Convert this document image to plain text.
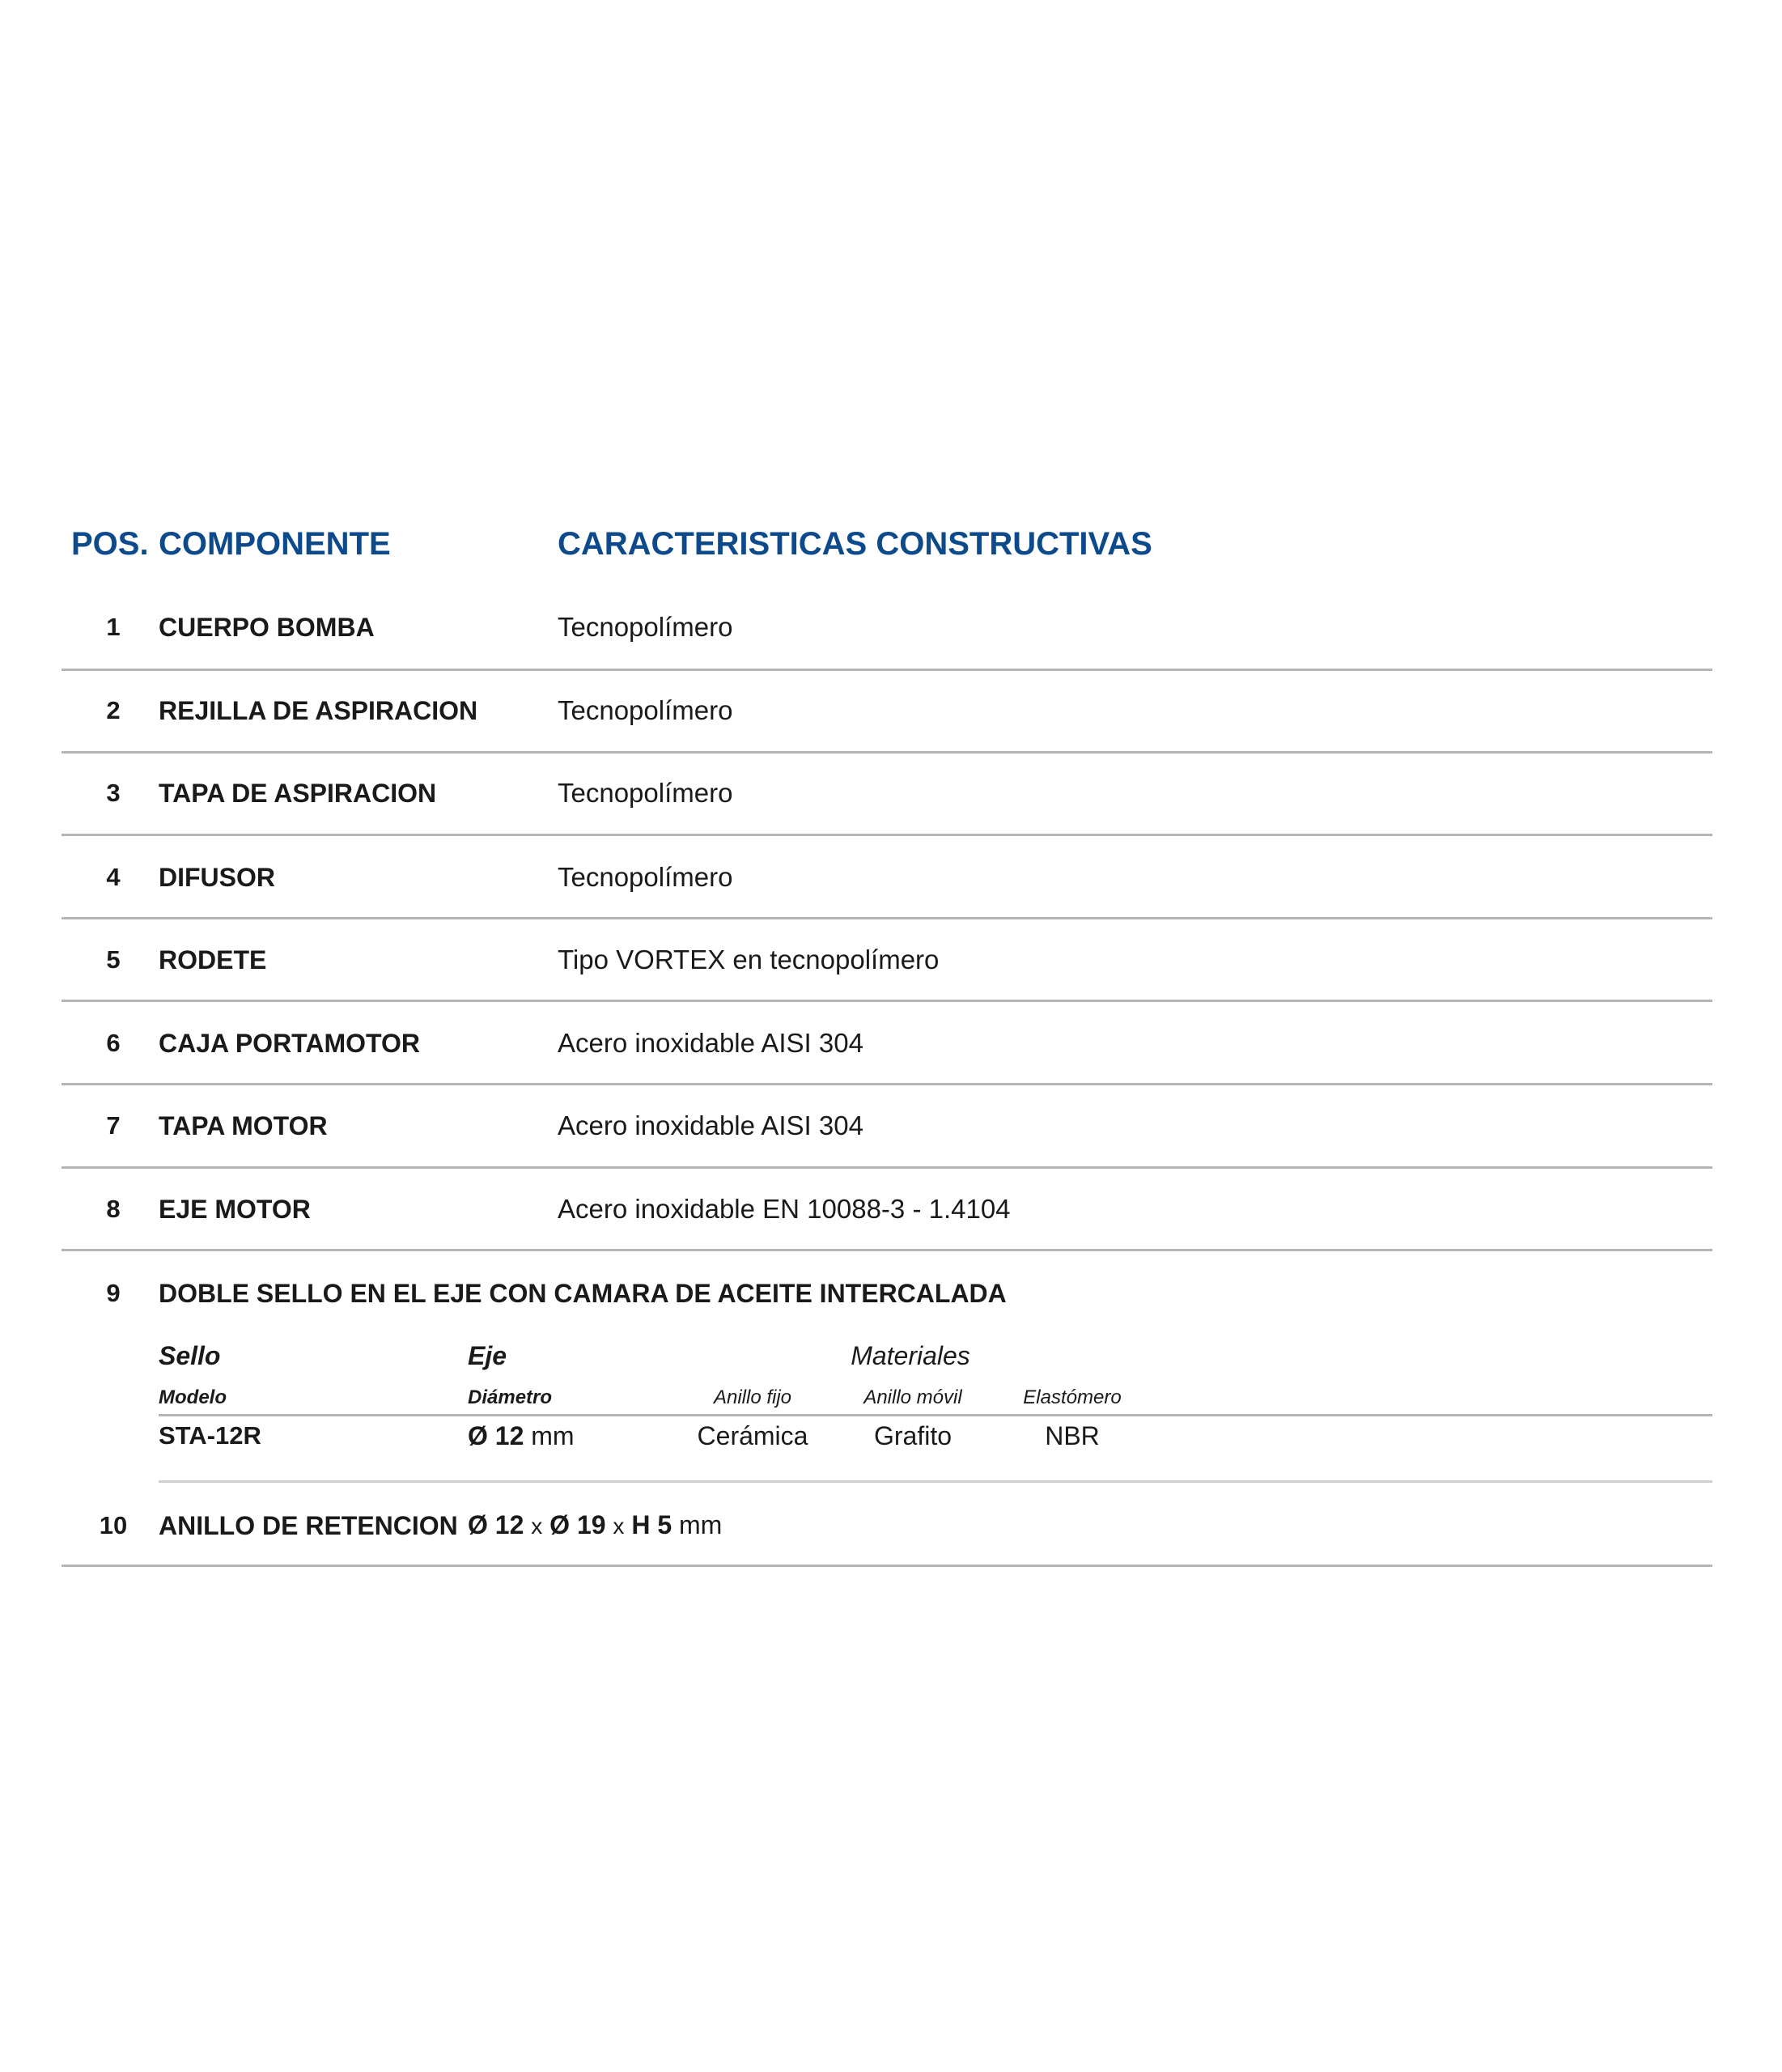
POS. COMPONENTE	CARACTERISTICAS CONSTRUCTIVAS
1	CUERPO BOMBA	Tecnopolímero
2	REJILLA DE ASPIRACION	Tecnopolímero
3	TAPA DE ASPIRACION	Tecnopolímero
4	DIFUSOR	Tecnopolímero
5	RODETE	Tipo VORTEX en tecnopolímero
6	CAJA PORTAMOTOR	Acero inoxidable AISI 304
7	TAPA MOTOR	Acero inoxidable AISI 304
8	EJE MOTOR	Acero inoxidable EN 10088-3 - 1.4104
9	DOBLE SELLO EN EL EJE CON CAMARA DE ACEITE INTERCALADA
Sello	Eje	Materiales
Modelo	Diámetro	Anillo fijo	Anillo móvil	Elastómero
STA-12R	Ø 12 mm	Cerámica	Grafito	NBR
10	ANILLO DE RETENCION Ø 12 x Ø 19 x H 5 mm
